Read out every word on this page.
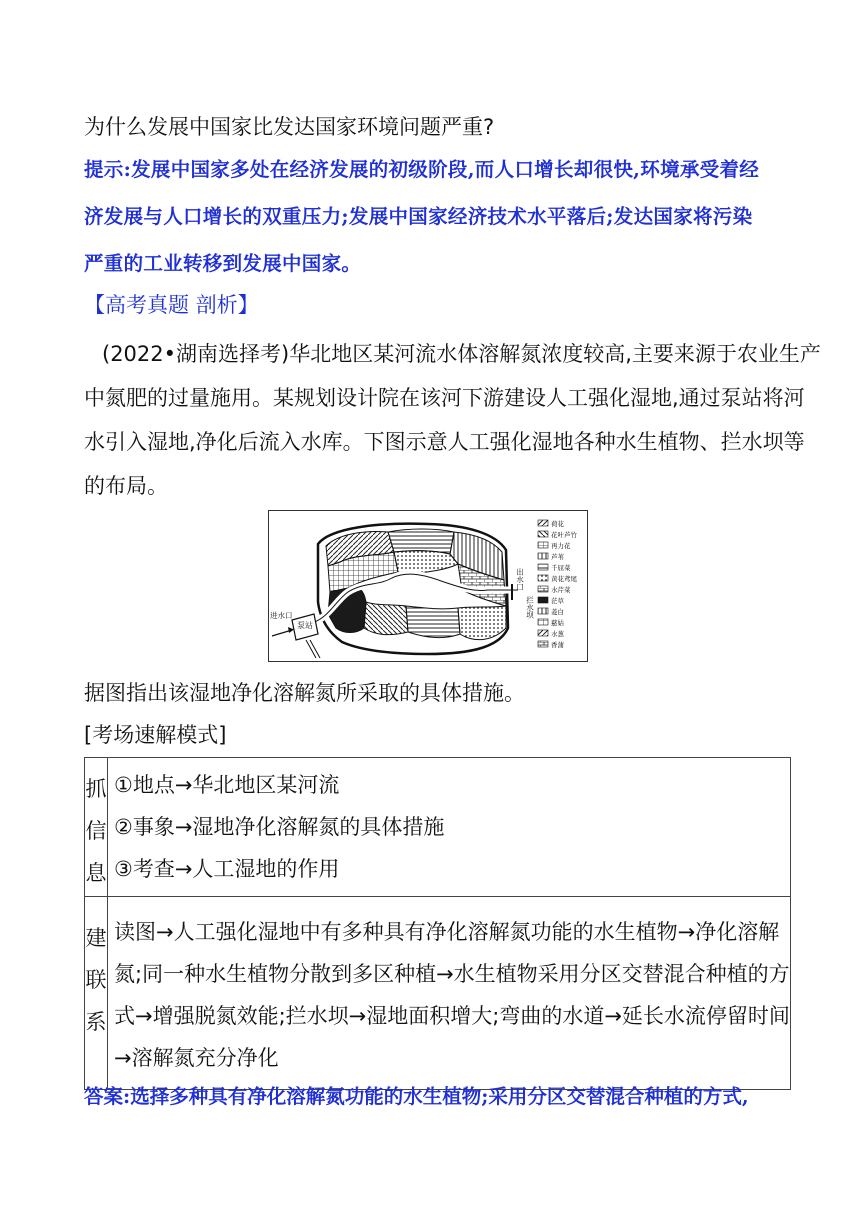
为什么发展中国家比发达国家环境问题严重?
提示:发展中国家多处在经济发展的初级阶段,而人口增长却很快,环境承受着经
济发展与人口增长的双重压力;发展中国家经济技术水平落后;发达国家将污染
严重的工业转移到发展中国家。
【高考真题 剖析】
(2022•湖南选择考)华北地区某河流水体溶解氮浓度较高,主要来源于农业生产
中氮肥的过量施用。某规划设计院在该河下游建设人工强化湿地,通过泵站将河
水引入湿地,净化后流入水库。下图示意人工强化湿地各种水生植物、拦水坝等
的布局。
泵站
进水口
出水口
拦水坝
荷花
花叶芦竹
再力花
芦苇
千屈菜
黄花鸢尾
水芹菜
茫草
菱白
慈姑
水葱
香蒲
据图指出该湿地净化溶解氮所采取的具体措施。
[考场速解模式]
抓信息	①地点→华北地区某河流
②事象→湿地净化溶解氮的具体措施
③考查→人工湿地的作用

建联系	读图→人工强化湿地中有多种具有净化溶解氮功能的水生植物→净化溶解
氮;同一种水生植物分散到多区种植→水生植物采用分区交替混合种植的方
式→增强脱氮效能;拦水坝→湿地面积增大;弯曲的水道→延长水流停留时间
→溶解氮充分净化
答案:选择多种具有净化溶解氮功能的水生植物;采用分区交替混合种植的方式,
